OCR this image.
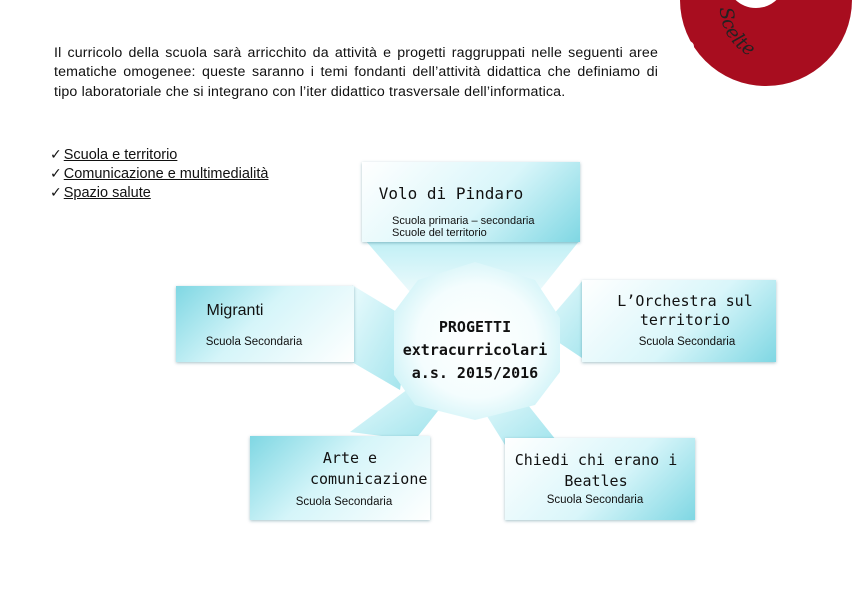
Il curricolo della scuola sarà arricchito da attività e progetti raggruppati nelle seguenti aree tematiche omogenee: queste saranno i temi fondanti dell’attività didattica che definiamo di tipo laboratoriale che si integrano con l’iter didattico trasversale dell’informatica.

✓ Scuola e territorio
✓ Comunicazione e multimedialità
✓ Spazio salute
organizzativo-gestiona
Scelte
Volo di Pindaro
Scuola primaria – secondaria
Scuole del territorio
Migranti
Scuola Secondaria
PROGETTI
extracurricolari
a.s. 2015/2016
L’Orchestra sul territorio
Scuola Secondaria
Arte e comunicazione
Scuola Secondaria
Chiedi chi erano i Beatles
Scuola Secondaria
